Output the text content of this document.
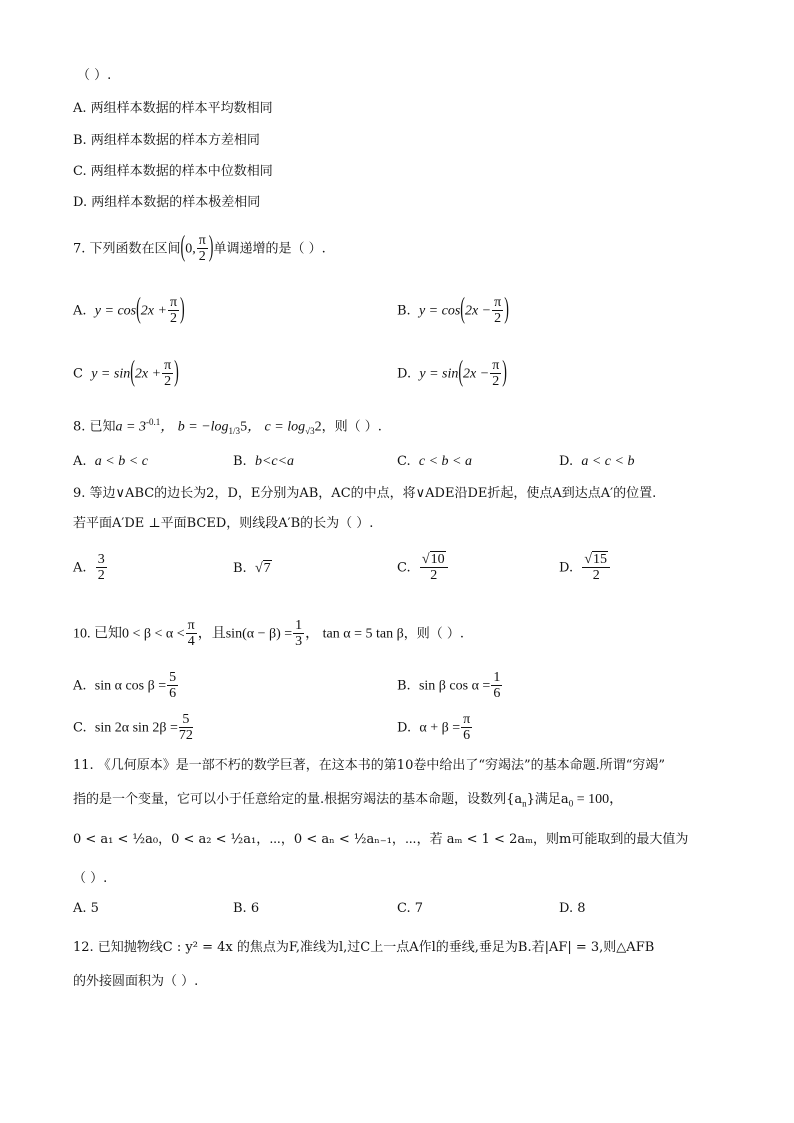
（ ）.
A. 两组样本数据的样本平均数相同
B. 两组样本数据的样本方差相同
C. 两组样本数据的样本中位数相同
D. 两组样本数据的样本极差相同
7. 下列函数在区间(0, $\frac{\pi}{2}$ )单调递增的是（ ）.
A. $y = \cos(2x + \frac{\pi}{2}$ )	B. $y = \cos(2x - \frac{\pi}{2}$ )
C $y = \sin(2x + \frac{\pi}{2}$ )	D. $y = \sin(2x - \frac{\pi}{2}$ )
8. 已知$a = 3^{-0.1}$， $b = -\log_{1/3}5$， $c = \log_{√3}2$，则（ ）.
A. a < b < c	B. b<c<a	C. c < b < a	D. a < c < b
9. 等边∨ABC的边长为2，D，E分别为AB，AC的中点，将∨ADE沿DE折起，使点A到达点A′的位置.
若平面A′DE ⊥平面BCED，则线段A′B的长为（ ）.
A. $\frac{3}{2}$	B. √7	C. $\frac{√10}{2}$	D. $\frac{√15}{2}$
10. 已知$0 < \beta < \alpha < \frac{\pi}{4}$ ，且$\sin(\alpha - \beta) = \frac{1}{3}$ ， tan α = 5 tan β，则（ ）.
A. sin α $\cos \beta = \frac{5}{6}$	B. sin β $\cos \alpha = \frac{1}{6}$
C. sin 2α $\sin 2\beta = \frac{5}{72}$	D. $\alpha + \beta = \frac{\pi}{6}$
11. 《几何原本》是一部不朽的数学巨著，在这本书的第10卷中给出了“穷竭法”的基本命题.所谓“穷竭”
指的是一个变量，它可以小于任意给定的量.根据穷竭法的基本命题，设数列$\{a_n\}$满足$a_0 = 100$，
0 < a₁ < ½a₀，0 < a₂ < ½a₁，⋯，0 < aₙ < ½aₙ₋₁，⋯，若 aₘ < 1 < 2aₘ，则m可能取到的最大值为
（ ）.
A. 5	B. 6	C. 7	D. 8
12. 已知抛物线C : y² = 4x 的焦点为F,准线为l,过C上一点A作l的垂线,垂足为B.若|AF| = 3,则△AFB
的外接圆面积为（ ）.
